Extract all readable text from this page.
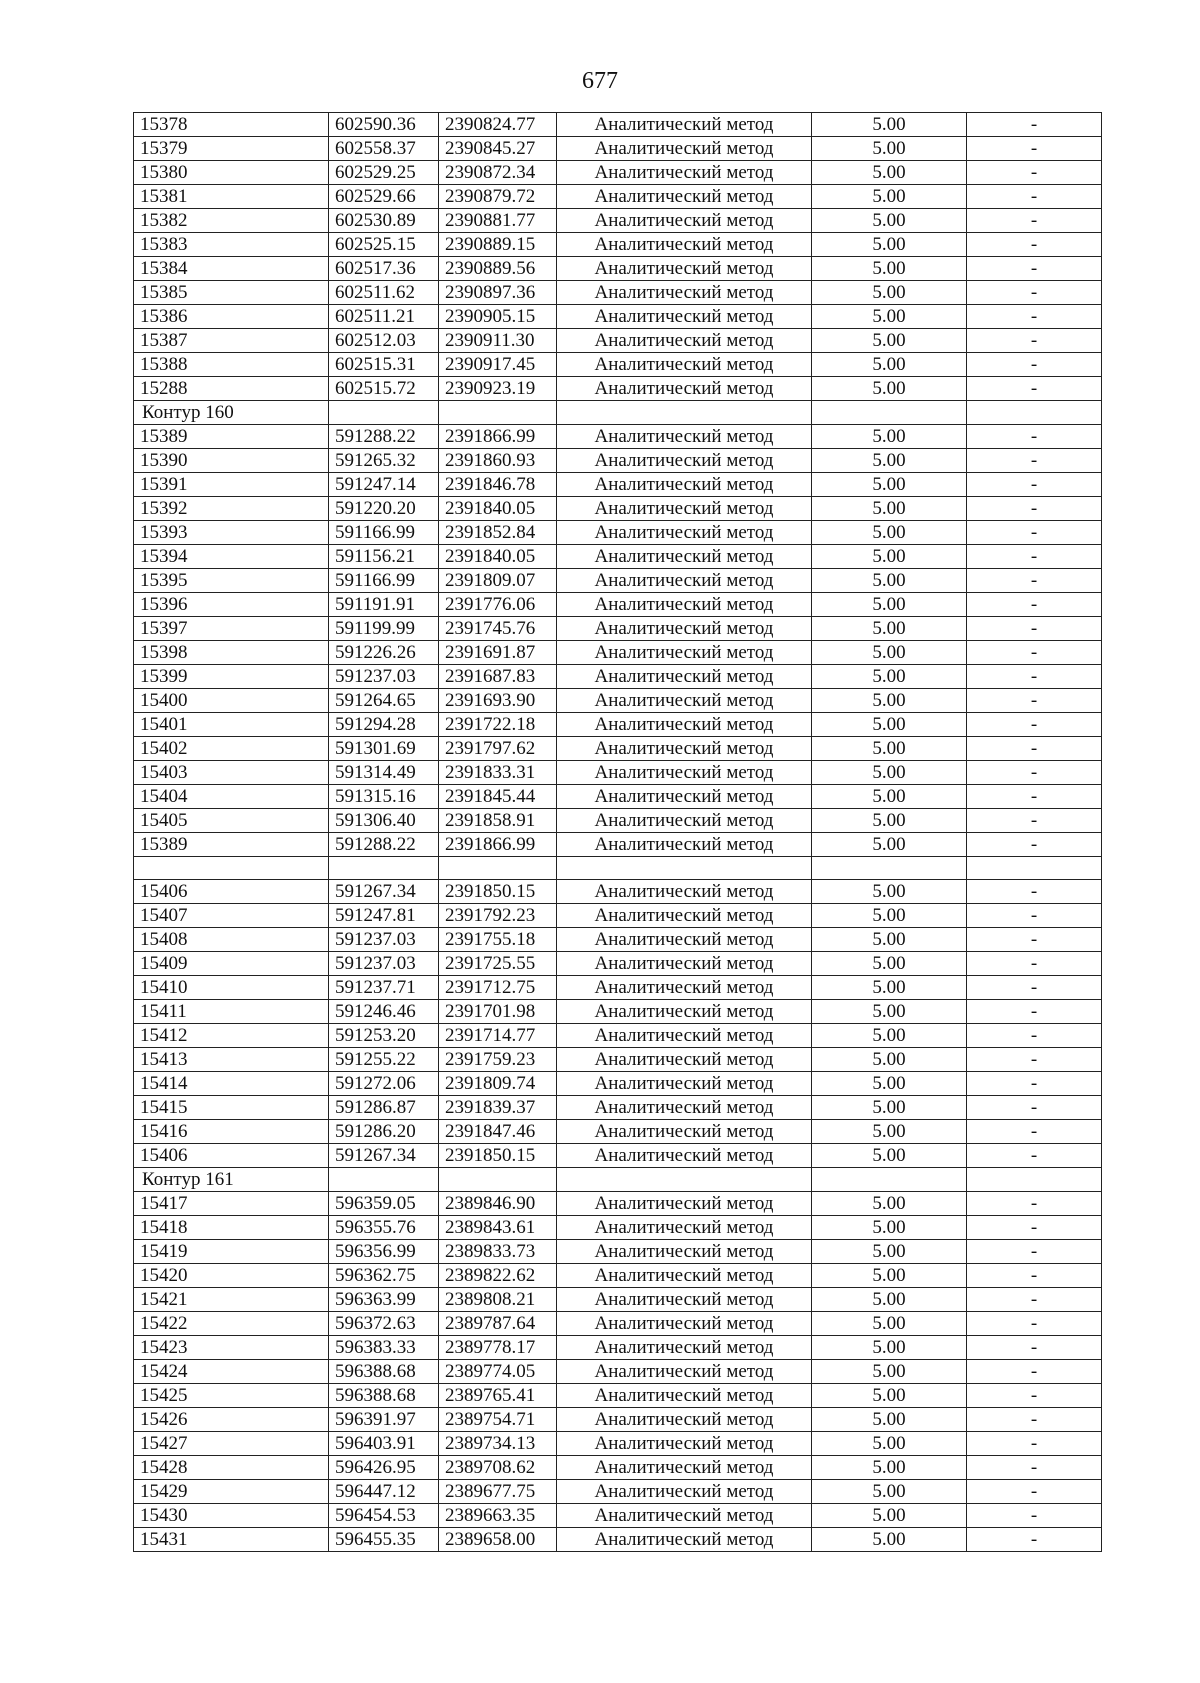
677
15378	602590.36	2390824.77	Аналитический метод	5.00	-
15379	602558.37	2390845.27	Аналитический метод	5.00	-
15380	602529.25	2390872.34	Аналитический метод	5.00	-
15381	602529.66	2390879.72	Аналитический метод	5.00	-
15382	602530.89	2390881.77	Аналитический метод	5.00	-
15383	602525.15	2390889.15	Аналитический метод	5.00	-
15384	602517.36	2390889.56	Аналитический метод	5.00	-
15385	602511.62	2390897.36	Аналитический метод	5.00	-
15386	602511.21	2390905.15	Аналитический метод	5.00	-
15387	602512.03	2390911.30	Аналитический метод	5.00	-
15388	602515.31	2390917.45	Аналитический метод	5.00	-
15288	602515.72	2390923.19	Аналитический метод	5.00	-
Контур 160					
15389	591288.22	2391866.99	Аналитический метод	5.00	-
15390	591265.32	2391860.93	Аналитический метод	5.00	-
15391	591247.14	2391846.78	Аналитический метод	5.00	-
15392	591220.20	2391840.05	Аналитический метод	5.00	-
15393	591166.99	2391852.84	Аналитический метод	5.00	-
15394	591156.21	2391840.05	Аналитический метод	5.00	-
15395	591166.99	2391809.07	Аналитический метод	5.00	-
15396	591191.91	2391776.06	Аналитический метод	5.00	-
15397	591199.99	2391745.76	Аналитический метод	5.00	-
15398	591226.26	2391691.87	Аналитический метод	5.00	-
15399	591237.03	2391687.83	Аналитический метод	5.00	-
15400	591264.65	2391693.90	Аналитический метод	5.00	-
15401	591294.28	2391722.18	Аналитический метод	5.00	-
15402	591301.69	2391797.62	Аналитический метод	5.00	-
15403	591314.49	2391833.31	Аналитический метод	5.00	-
15404	591315.16	2391845.44	Аналитический метод	5.00	-
15405	591306.40	2391858.91	Аналитический метод	5.00	-
15389	591288.22	2391866.99	Аналитический метод	5.00	-

15406	591267.34	2391850.15	Аналитический метод	5.00	-
15407	591247.81	2391792.23	Аналитический метод	5.00	-
15408	591237.03	2391755.18	Аналитический метод	5.00	-
15409	591237.03	2391725.55	Аналитический метод	5.00	-
15410	591237.71	2391712.75	Аналитический метод	5.00	-
15411	591246.46	2391701.98	Аналитический метод	5.00	-
15412	591253.20	2391714.77	Аналитический метод	5.00	-
15413	591255.22	2391759.23	Аналитический метод	5.00	-
15414	591272.06	2391809.74	Аналитический метод	5.00	-
15415	591286.87	2391839.37	Аналитический метод	5.00	-
15416	591286.20	2391847.46	Аналитический метод	5.00	-
15406	591267.34	2391850.15	Аналитический метод	5.00	-
Контур 161					
15417	596359.05	2389846.90	Аналитический метод	5.00	-
15418	596355.76	2389843.61	Аналитический метод	5.00	-
15419	596356.99	2389833.73	Аналитический метод	5.00	-
15420	596362.75	2389822.62	Аналитический метод	5.00	-
15421	596363.99	2389808.21	Аналитический метод	5.00	-
15422	596372.63	2389787.64	Аналитический метод	5.00	-
15423	596383.33	2389778.17	Аналитический метод	5.00	-
15424	596388.68	2389774.05	Аналитический метод	5.00	-
15425	596388.68	2389765.41	Аналитический метод	5.00	-
15426	596391.97	2389754.71	Аналитический метод	5.00	-
15427	596403.91	2389734.13	Аналитический метод	5.00	-
15428	596426.95	2389708.62	Аналитический метод	5.00	-
15429	596447.12	2389677.75	Аналитический метод	5.00	-
15430	596454.53	2389663.35	Аналитический метод	5.00	-
15431	596455.35	2389658.00	Аналитический метод	5.00	-
